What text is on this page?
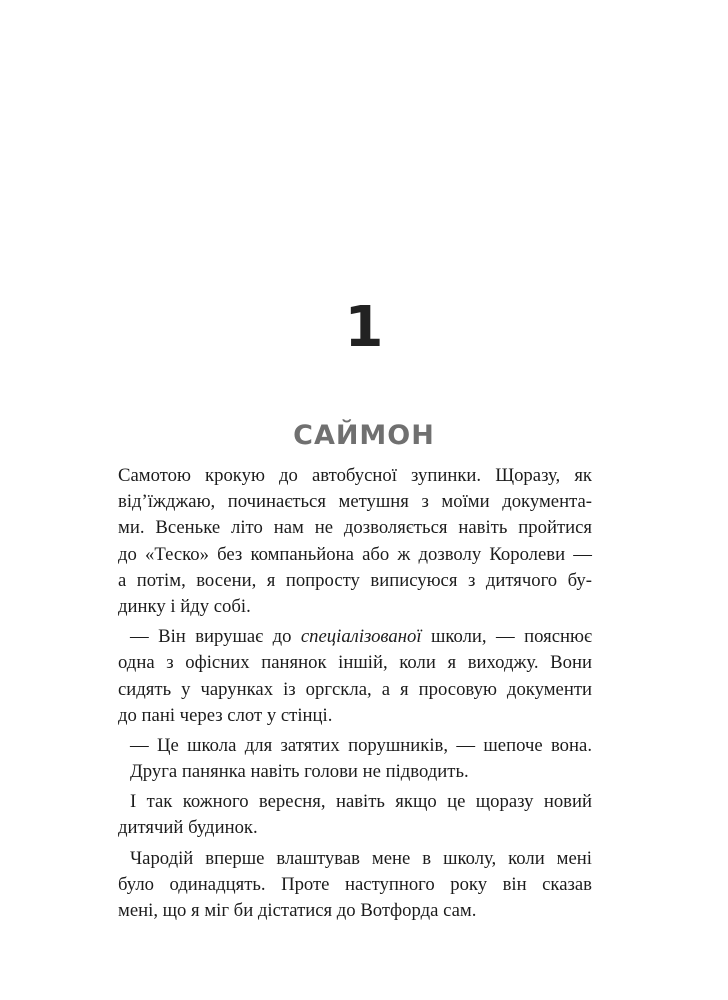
1
САЙМОН
Самотою крокую до автобусної зупинки. Щоразу, як
від’їжджаю, починається метушня з моїми документа-
ми. Всеньке літо нам не дозволяється навіть пройтися
до «Теско» без компаньйона або ж дозволу Королеви —
а потім, восени, я попросту виписуюся з дитячого бу-
динку і йду собі.
— Він вирушає до спеціалізованої школи, — пояснює
одна з офісних панянок іншій, коли я виходжу. Вони
сидять у чарунках із оргскла, а я просовую документи
до пані через слот у стінці.
— Це школа для затятих порушників, — шепоче вона.
Друга панянка навіть голови не підводить.
І так кожного вересня, навіть якщо це щоразу новий
дитячий будинок.
Чародій вперше влаштував мене в школу, коли мені
було одинадцять. Проте наступного року він сказав
мені, що я міг би дістатися до Вотфорда сам.
